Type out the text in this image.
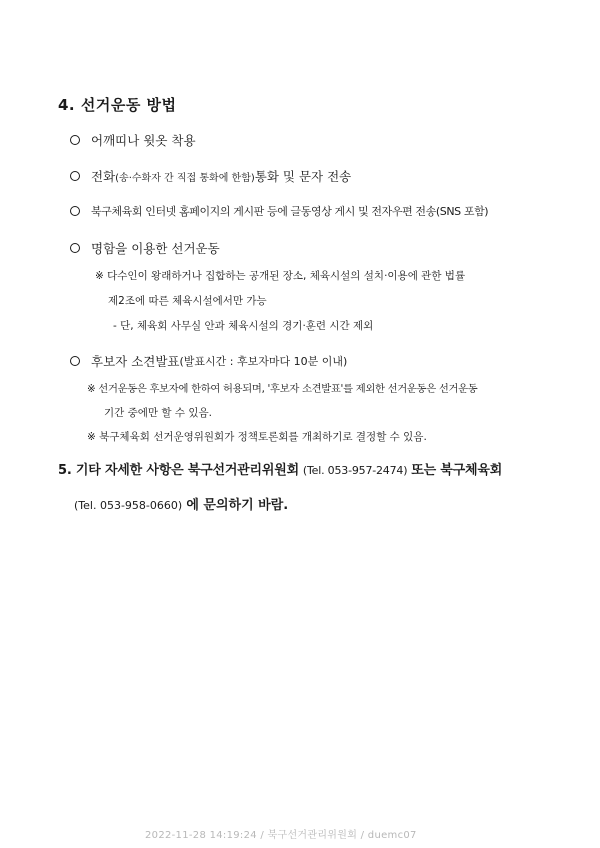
4. 선거운동 방법
어깨띠나 윗옷 착용
전화 (송·수화자 간 직접 통화에 한함) 통화 및 문자 전송
북구체육회 인터넷 홈페이지의 게시판 등에 글동영상 게시 및 전자우편 전송(SNS 포함)
명함을 이용한 선거운동
※ 다수인이 왕래하거나 집합하는 공개된 장소, 체육시설의 설치·이용에 관한 법률
제2조에 따른 체육시설에서만 가능
- 단, 체육회 사무실 안과 체육시설의 경기·훈련 시간 제외
후보자 소견발표 (발표시간 : 후보자마다 10분 이내)
※ 선거운동은 후보자에 한하여 허용되며, '후보자 소견발표'를 제외한 선거운동은 선거운동
기간 중에만 할 수 있음.
※ 북구체육회 선거운영위원회가 정책토론회를 개최하기로 결정할 수 있음.
5. 기타 자세한 사항은 북구선거관리위원회 (Tel. 053-957-2474) 또는 북구체육회
(Tel. 053-958-0660) 에 문의하기 바람.
2022-11-28 14:19:24 / 북구선거관리위원회 / duemc07
